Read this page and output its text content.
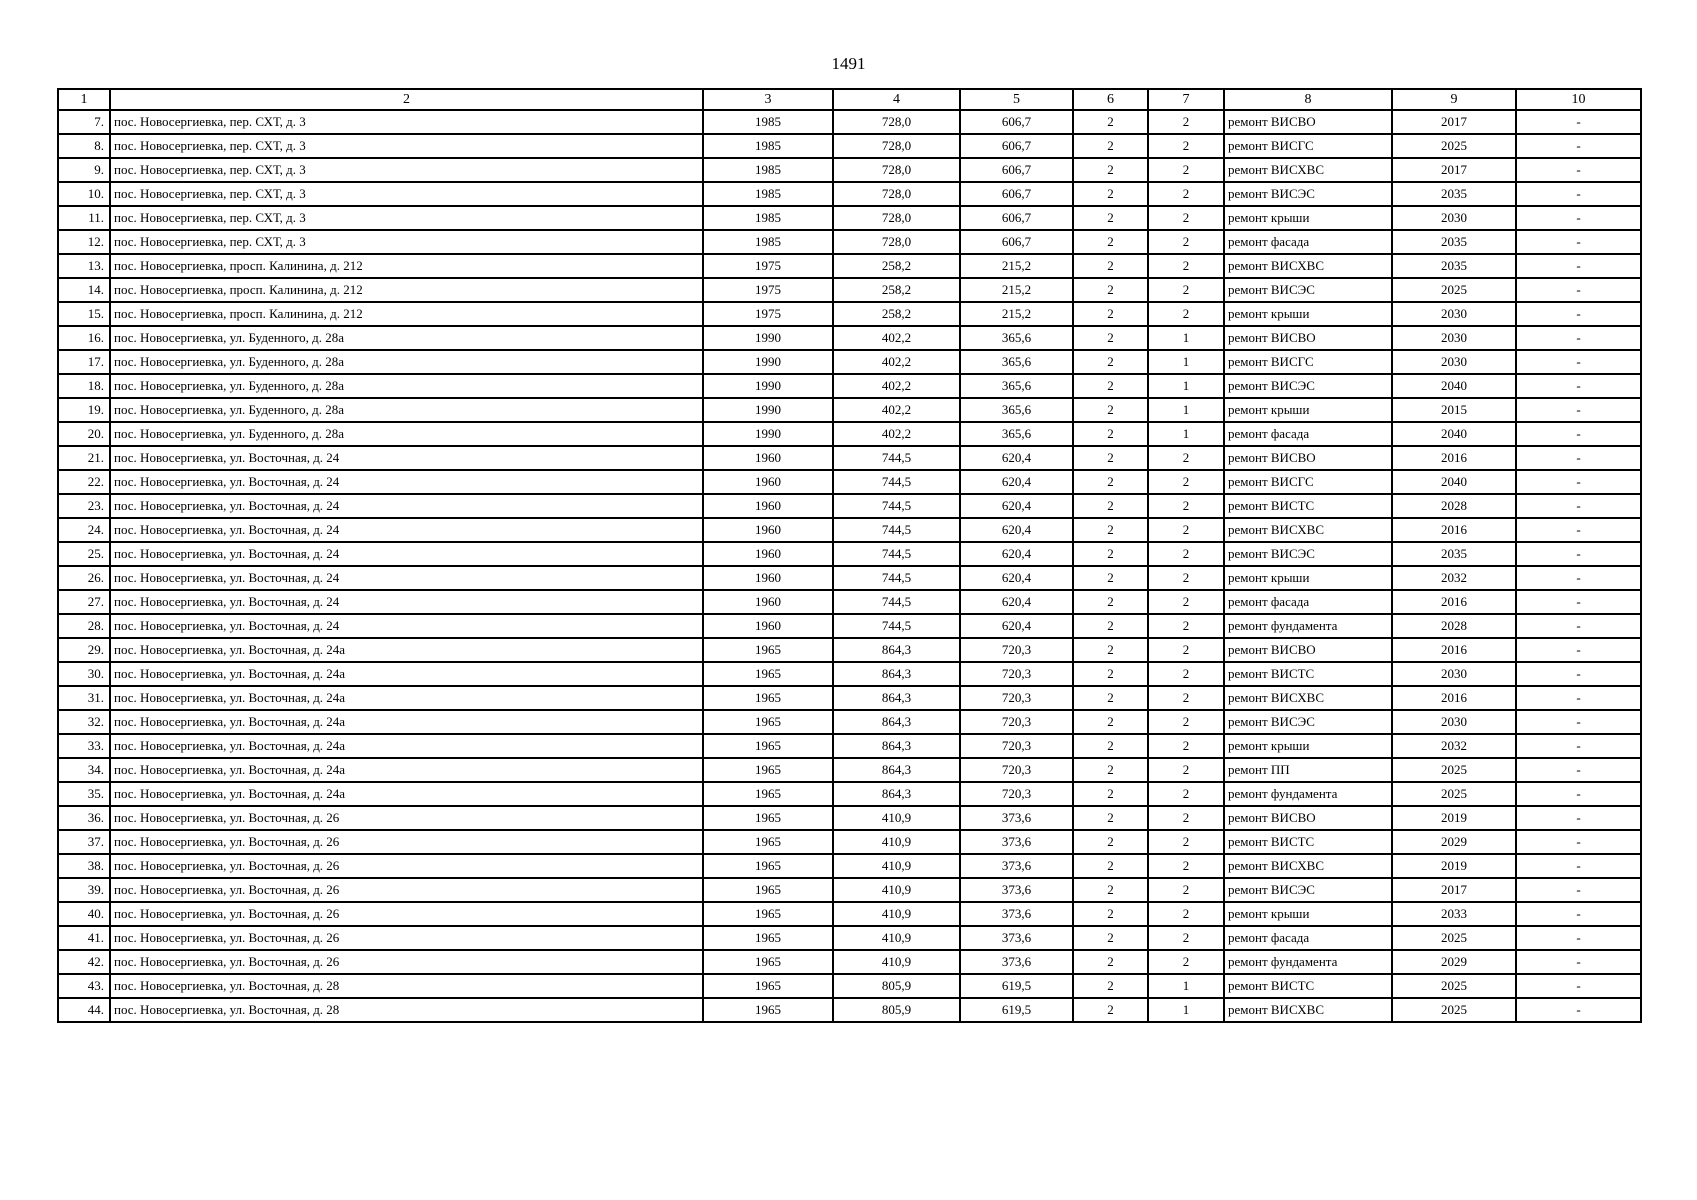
1491
1	2	3	4	5	6	7	8	9	10
7.	пос. Новосергиевка, пер. СХТ, д. 3	1985	728,0	606,7	2	2	ремонт ВИСВО	2017	-
8.	пос. Новосергиевка, пер. СХТ, д. 3	1985	728,0	606,7	2	2	ремонт ВИСГС	2025	-
9.	пос. Новосергиевка, пер. СХТ, д. 3	1985	728,0	606,7	2	2	ремонт ВИСХВС	2017	-
10.	пос. Новосергиевка, пер. СХТ, д. 3	1985	728,0	606,7	2	2	ремонт ВИСЭС	2035	-
11.	пос. Новосергиевка, пер. СХТ, д. 3	1985	728,0	606,7	2	2	ремонт крыши	2030	-
12.	пос. Новосергиевка, пер. СХТ, д. 3	1985	728,0	606,7	2	2	ремонт фасада	2035	-
13.	пос. Новосергиевка, просп. Калинина, д. 212	1975	258,2	215,2	2	2	ремонт ВИСХВС	2035	-
14.	пос. Новосергиевка, просп. Калинина, д. 212	1975	258,2	215,2	2	2	ремонт ВИСЭС	2025	-
15.	пос. Новосергиевка, просп. Калинина, д. 212	1975	258,2	215,2	2	2	ремонт крыши	2030	-
16.	пос. Новосергиевка, ул. Буденного, д. 28а	1990	402,2	365,6	2	1	ремонт ВИСВО	2030	-
17.	пос. Новосергиевка, ул. Буденного, д. 28а	1990	402,2	365,6	2	1	ремонт ВИСГС	2030	-
18.	пос. Новосергиевка, ул. Буденного, д. 28а	1990	402,2	365,6	2	1	ремонт ВИСЭС	2040	-
19.	пос. Новосергиевка, ул. Буденного, д. 28а	1990	402,2	365,6	2	1	ремонт крыши	2015	-
20.	пос. Новосергиевка, ул. Буденного, д. 28а	1990	402,2	365,6	2	1	ремонт фасада	2040	-
21.	пос. Новосергиевка, ул. Восточная, д. 24	1960	744,5	620,4	2	2	ремонт ВИСВО	2016	-
22.	пос. Новосергиевка, ул. Восточная, д. 24	1960	744,5	620,4	2	2	ремонт ВИСГС	2040	-
23.	пос. Новосергиевка, ул. Восточная, д. 24	1960	744,5	620,4	2	2	ремонт ВИСТС	2028	-
24.	пос. Новосергиевка, ул. Восточная, д. 24	1960	744,5	620,4	2	2	ремонт ВИСХВС	2016	-
25.	пос. Новосергиевка, ул. Восточная, д. 24	1960	744,5	620,4	2	2	ремонт ВИСЭС	2035	-
26.	пос. Новосергиевка, ул. Восточная, д. 24	1960	744,5	620,4	2	2	ремонт крыши	2032	-
27.	пос. Новосергиевка, ул. Восточная, д. 24	1960	744,5	620,4	2	2	ремонт фасада	2016	-
28.	пос. Новосергиевка, ул. Восточная, д. 24	1960	744,5	620,4	2	2	ремонт фундамента	2028	-
29.	пос. Новосергиевка, ул. Восточная, д. 24а	1965	864,3	720,3	2	2	ремонт ВИСВО	2016	-
30.	пос. Новосергиевка, ул. Восточная, д. 24а	1965	864,3	720,3	2	2	ремонт ВИСТС	2030	-
31.	пос. Новосергиевка, ул. Восточная, д. 24а	1965	864,3	720,3	2	2	ремонт ВИСХВС	2016	-
32.	пос. Новосергиевка, ул. Восточная, д. 24а	1965	864,3	720,3	2	2	ремонт ВИСЭС	2030	-
33.	пос. Новосергиевка, ул. Восточная, д. 24а	1965	864,3	720,3	2	2	ремонт крыши	2032	-
34.	пос. Новосергиевка, ул. Восточная, д. 24а	1965	864,3	720,3	2	2	ремонт ПП	2025	-
35.	пос. Новосергиевка, ул. Восточная, д. 24а	1965	864,3	720,3	2	2	ремонт фундамента	2025	-
36.	пос. Новосергиевка, ул. Восточная, д. 26	1965	410,9	373,6	2	2	ремонт ВИСВО	2019	-
37.	пос. Новосергиевка, ул. Восточная, д. 26	1965	410,9	373,6	2	2	ремонт ВИСТС	2029	-
38.	пос. Новосергиевка, ул. Восточная, д. 26	1965	410,9	373,6	2	2	ремонт ВИСХВС	2019	-
39.	пос. Новосергиевка, ул. Восточная, д. 26	1965	410,9	373,6	2	2	ремонт ВИСЭС	2017	-
40.	пос. Новосергиевка, ул. Восточная, д. 26	1965	410,9	373,6	2	2	ремонт крыши	2033	-
41.	пос. Новосергиевка, ул. Восточная, д. 26	1965	410,9	373,6	2	2	ремонт фасада	2025	-
42.	пос. Новосергиевка, ул. Восточная, д. 26	1965	410,9	373,6	2	2	ремонт фундамента	2029	-
43.	пос. Новосергиевка, ул. Восточная, д. 28	1965	805,9	619,5	2	1	ремонт ВИСТС	2025	-
44.	пос. Новосергиевка, ул. Восточная, д. 28	1965	805,9	619,5	2	1	ремонт ВИСХВС	2025	-
